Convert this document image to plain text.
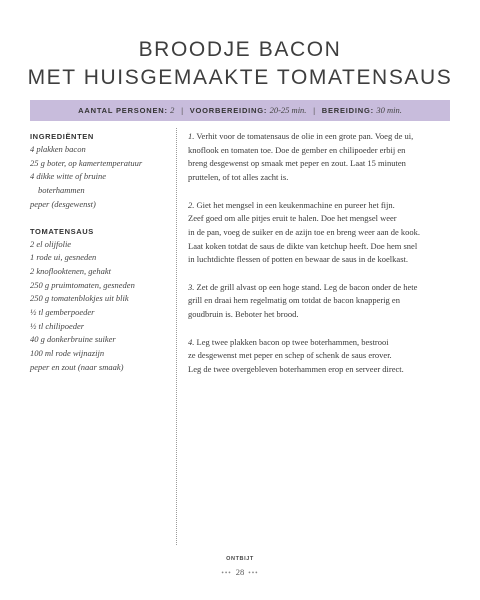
BROODJE BACON
MET HUISGEMAAKTE TOMATENSAUS
AANTAL PERSONEN: 2 | VOORBEREIDING: 20-25 min. | BEREIDING: 30 min.
INGREDIËNTEN
4 plakken bacon
25 g boter, op kamertemperatuur
4 dikke witte of bruine
boterhammen
peper (desgewenst)
TOMATENSAUS
2 el olijfolie
1 rode ui, gesneden
2 knoflooktenen, gehakt
250 g pruimtomaten, gesneden
250 g tomatenblokjes uit blik
½ tl gemberpoeder
½ tl chilipoeder
40 g donkerbruine suiker
100 ml rode wijnazijn
peper en zout (naar smaak)
1. Verhit voor de tomatensaus de olie in een grote pan. Voeg de ui,
knoflook en tomaten toe. Doe de gember en chilipoeder erbij en
breng desgewenst op smaak met peper en zout. Laat 15 minuten
pruttelen, of tot alles zacht is.
2. Giet het mengsel in een keukenmachine en pureer het fijn.
Zeef goed om alle pitjes eruit te halen. Doe het mengsel weer
in de pan, voeg de suiker en de azijn toe en breng weer aan de kook.
Laat koken totdat de saus de dikte van ketchup heeft. Doe hem snel
in luchtdichte flessen of potten en bewaar de saus in de koelkast.
3. Zet de grill alvast op een hoge stand. Leg de bacon onder de hete
grill en draai hem regelmatig om totdat de bacon knapperig en
goudbruin is. Beboter het brood.
4. Leg twee plakken bacon op twee boterhammen, bestrooi
ze desgewenst met peper en schep of schenk de saus erover.
Leg de twee overgebleven boterhammen erop en serveer direct.
ONTBIJT
••• 28 •••
